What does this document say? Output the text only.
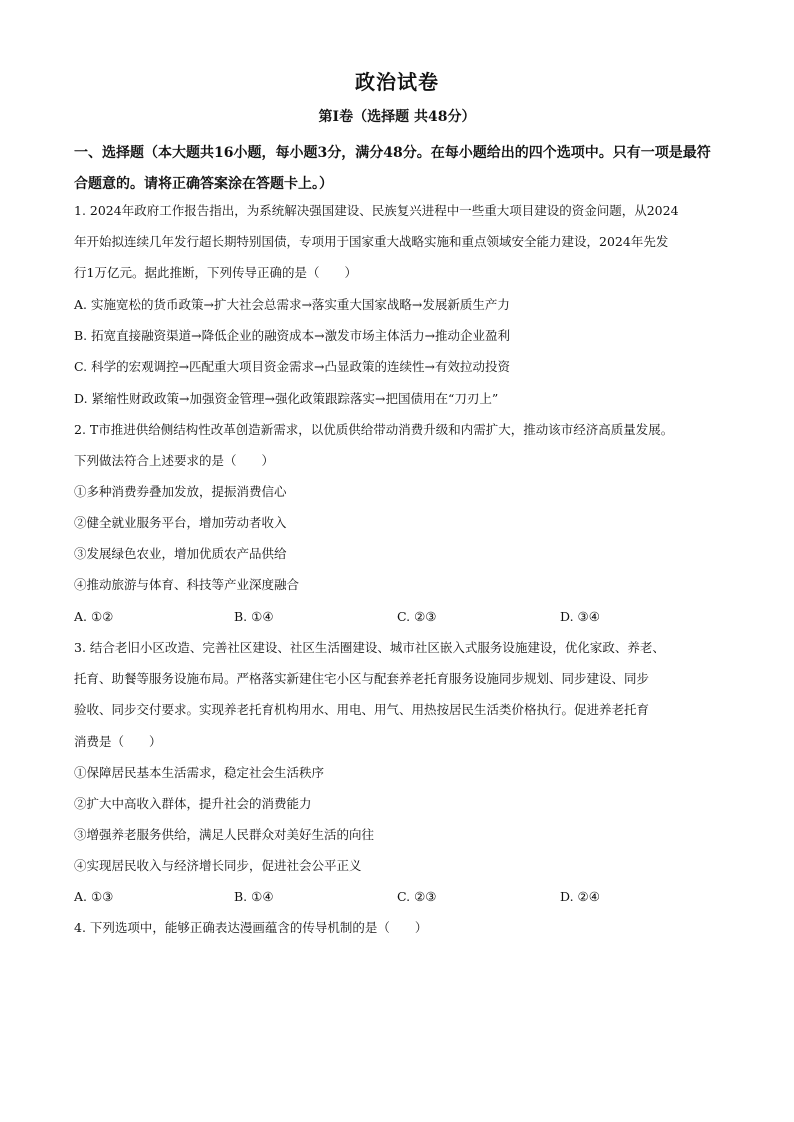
政治试卷
第Ⅰ卷（选择题 共48分）
一、选择题（本大题共16小题，每小题3分，满分48分。在每小题给出的四个选项中。只有一项是最符合题意的。请将正确答案涂在答题卡上。）
1. 2024年政府工作报告指出，为系统解决强国建设、民族复兴进程中一些重大项目建设的资金问题，从2024
年开始拟连续几年发行超长期特别国债，专项用于国家重大战略实施和重点领域安全能力建设，2024年先发
行1万亿元。据此推断，下列传导正确的是（　　）
A. 实施宽松的货币政策→扩大社会总需求→落实重大国家战略→发展新质生产力
B. 拓宽直接融资渠道→降低企业的融资成本→激发市场主体活力→推动企业盈利
C. 科学的宏观调控→匹配重大项目资金需求→凸显政策的连续性→有效拉动投资
D. 紧缩性财政政策→加强资金管理→强化政策跟踪落实→把国债用在“刀刃上”
2. T市推进供给侧结构性改革创造新需求，以优质供给带动消费升级和内需扩大，推动该市经济高质量发展。
下列做法符合上述要求的是（　　）
①多种消费券叠加发放，提振消费信心
②健全就业服务平台，增加劳动者收入
③发展绿色农业，增加优质农产品供给
④推动旅游与体育、科技等产业深度融合
A. ①②	B. ①④	C. ②③	D. ③④
3. 结合老旧小区改造、完善社区建设、社区生活圈建设、城市社区嵌入式服务设施建设，优化家政、养老、
托育、助餐等服务设施布局。严格落实新建住宅小区与配套养老托育服务设施同步规划、同步建设、同步
验收、同步交付要求。实现养老托育机构用水、用电、用气、用热按居民生活类价格执行。促进养老托育
消费是（　　）
①保障居民基本生活需求，稳定社会生活秩序
②扩大中高收入群体，提升社会的消费能力
③增强养老服务供给，满足人民群众对美好生活的向往
④实现居民收入与经济增长同步，促进社会公平正义
A. ①③	B. ①④	C. ②③	D. ②④
4. 下列选项中，能够正确表达漫画蕴含的传导机制的是（　　）
